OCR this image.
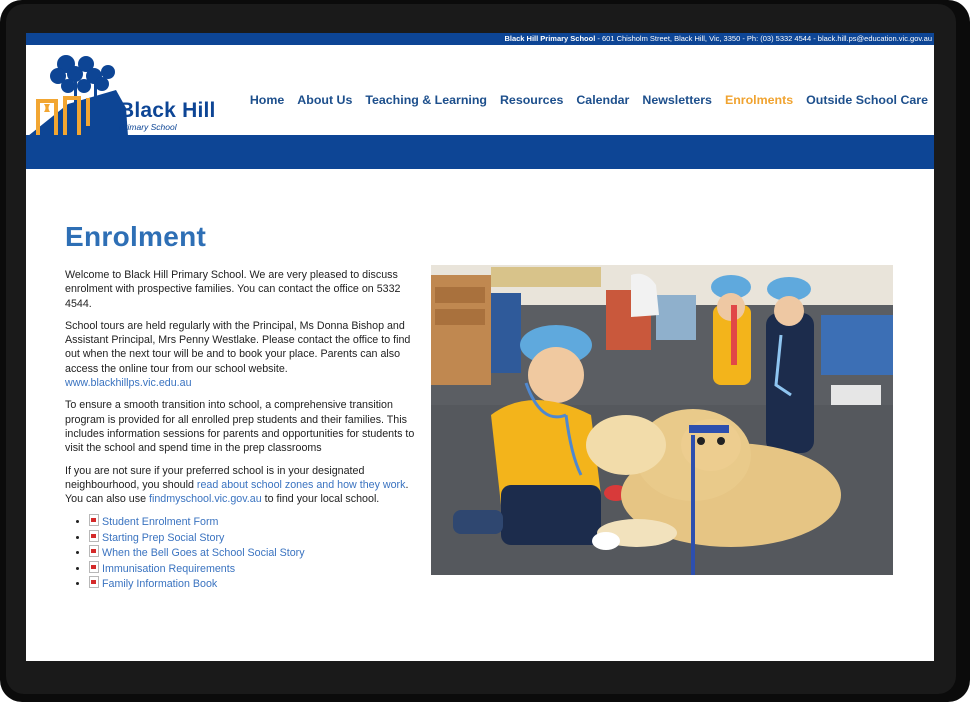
Black Hill Primary School - 601 Chisholm Street, Black Hill, Vic, 3350 - Ph: (03) 5332 4544 - black.hill.ps@education.vic.gov.au
Black Hill
Primary School
Home About Us Teaching & Learning Resources Calendar Newsletters Enrolments Outside School Care
Enrolment

Welcome to Black Hill Primary School. We are very pleased to discuss enrolment with prospective families. You can contact the office on 5332 4544.

School tours are held regularly with the Principal, Ms Donna Bishop and Assistant Principal, Mrs Penny Westlake. Please contact the office to find out when the next tour will be and to book your place. Parents can also access the online tour from our school website.
www.blackhillps.vic.edu.au

To ensure a smooth transition into school, a comprehensive transition program is provided for all enrolled prep students and their families. This includes information sessions for parents and opportunities for students to visit the school and spend time in the prep classrooms

If you are not sure if your preferred school is in your designated neighbourhood, you should read about school zones and how they work. You can also use findmyschool.vic.gov.au to find your local school.

• Student Enrolment Form
• Starting Prep Social Story
• When the Bell Goes at School Social Story
• Immunisation Requirements
• Family Information Book
